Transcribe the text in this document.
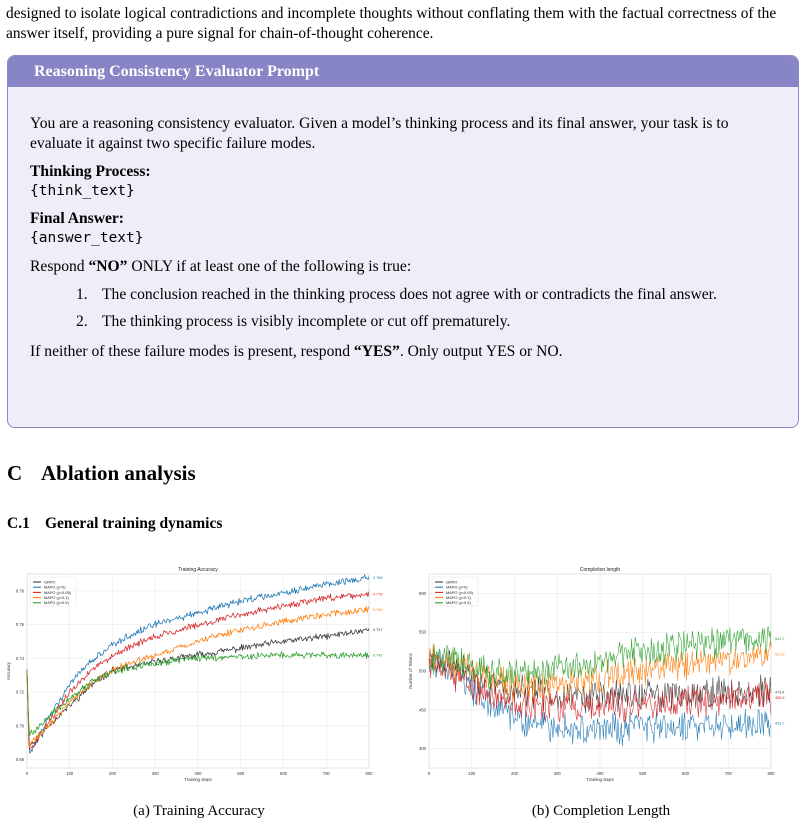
designed to isolate logical contradictions and incomplete thoughts without conflating them with the factual correctness of the answer itself, providing a pure signal for chain-of-thought coherence.
Reasoning Consistency Evaluator Prompt

You are a reasoning consistency evaluator. Given a model’s thinking process and its final answer, your task is to evaluate it against two specific failure modes.

Thinking Process:
{think_text}
Final Answer:
{answer_text}

Respond “NO” ONLY if at least one of the following is true:

1. The conclusion reached in the thinking process does not agree with or contradicts the final answer.
2. The thinking process is visibly incomplete or cut off prematurely.

If neither of these failure modes is present, respond “YES”. Only output YES or NO.

C Ablation analysis
C.1 General training dynamics
0	100	200	300	400	500	600	700	800
0.68
0.70
0.72
0.74
0.76
0.78
Training Accuracy
Training steps
Accuracy
0.757
0.788
0.778
0.769
0.742
GRPO
MAPO (γ=0)
MAPO (γ=0.05)
MAPO (γ=0.1)
MAPO (γ=0.5)
0	100	200	300	400	500	600	700	800
400
450
500
550
600
Completion length
Training steps
Number of Tokens
473.4
433.7
465.6
521.6
541.7
GRPO
MAPO (γ=0)
MAPO (γ=0.05)
MAPO (γ=0.1)
MAPO (γ=0.5)
(a) Training Accuracy	(b) Completion Length
